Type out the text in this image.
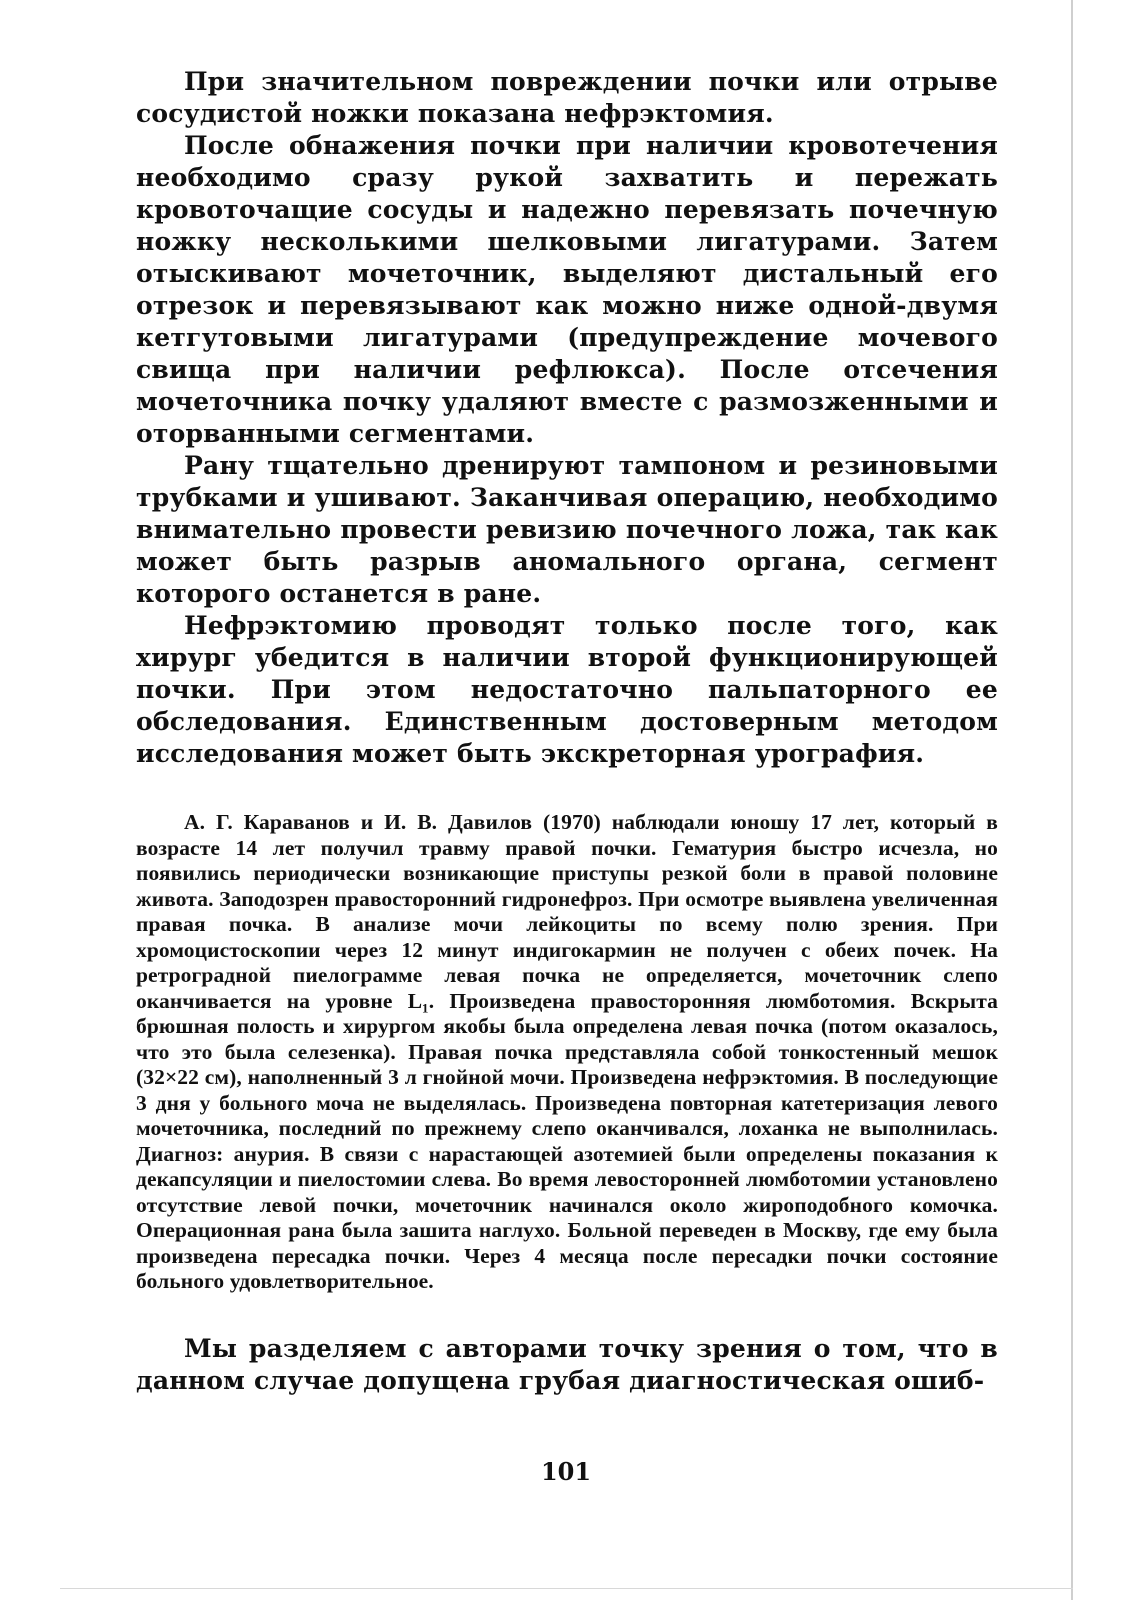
При значительном повреждении почки или отрыве сосудистой ножки показана нефрэктомия.

После обнажения почки при наличии кровотечения необходимо сразу рукой захватить и пережать кровоточащие сосуды и надежно перевязать почечную ножку несколькими шелковыми лигатурами. Затем отыскивают мочеточник, выделяют дистальный его отрезок и перевязывают как можно ниже одной-двумя кетгутовыми лигатурами (предупреждение мочевого свища при наличии рефлюкса). После отсечения мочеточника почку удаляют вместе с размозженными и оторванными сегментами.

Рану тщательно дренируют тампоном и резиновыми трубками и ушивают. Заканчивая операцию, необходимо внимательно провести ревизию почечного ложа, так как может быть разрыв аномального органа, сегмент которого останется в ране.

Нефрэктомию проводят только после того, как хирург убедится в наличии второй функционирующей почки. При этом недостаточно пальпаторного ее обследования. Единственным достоверным методом исследования может быть экскреторная урография.

А. Г. Караванов и И. В. Давилов (1970) наблюдали юношу 17 лет, который в возрасте 14 лет получил травму правой почки. Гематурия быстро исчезла, но появились периодически возникающие приступы резкой боли в правой половине живота. Заподозрен правосторонний гидронефроз. При осмотре выявлена увеличенная правая почка. В анализе мочи лейкоциты по всему полю зрения. При хромоцистоскопии через 12 минут индигокармин не получен с обеих почек. На ретроградной пиелограмме левая почка не определяется, мочеточник слепо оканчивается на уровне L₁. Произведена правосторонняя люмботомия. Вскрыта брюшная полость и хирургом якобы была определена левая почка (потом оказалось, что это была селезенка). Правая почка представляла собой тонкостенный мешок (32×22 см), наполненный 3 л гнойной мочи. Произведена нефрэктомия. В последующие 3 дня у больного моча не выделялась. Произведена повторная катетеризация левого мочеточника, последний по прежнему слепо оканчивался, лоханка не выполнилась. Диагноз: анурия. В связи с нарастающей азотемией были определены показания к декапсуляции и пиелостомии слева. Во время левосторонней люмботомии установлено отсутствие левой почки, мочеточник начинался около жироподобного комочка. Операционная рана была зашита наглухо. Больной переведен в Москву, где ему была произведена пересадка почки. Через 4 месяца после пересадки почки состояние больного удовлетворительное.

Мы разделяем с авторами точку зрения о том, что в данном случае допущена грубая диагностическая ошиб-

101
